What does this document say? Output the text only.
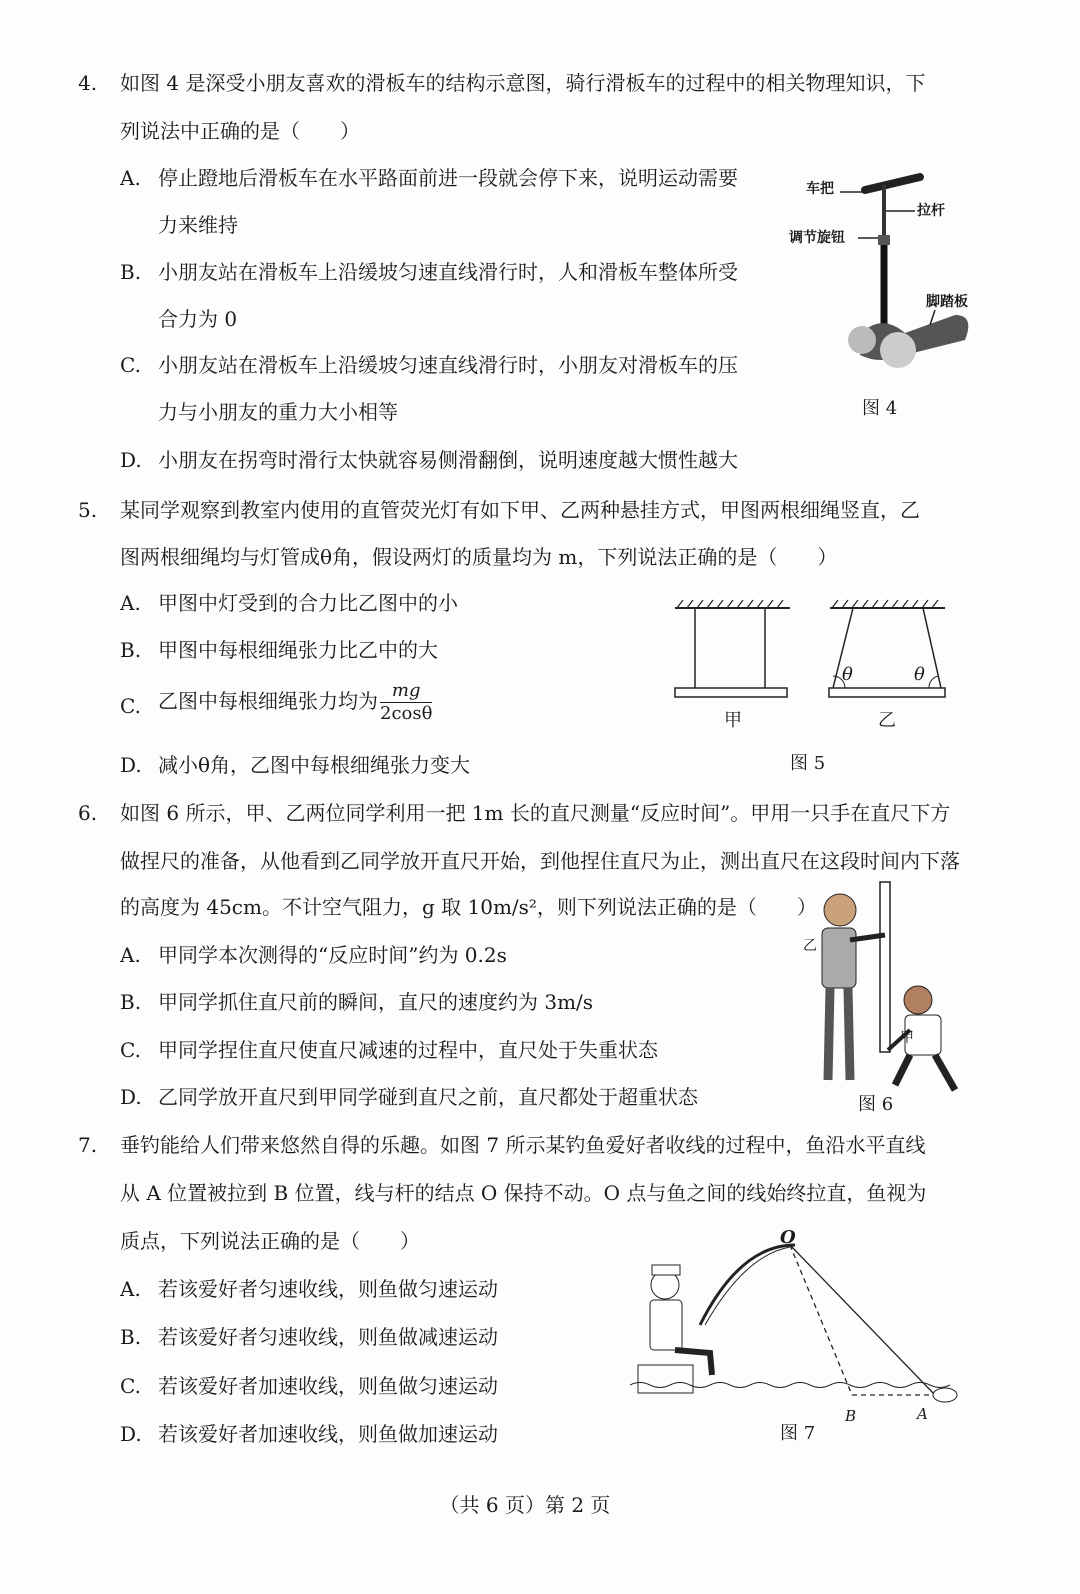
4. 如图 4 是深受小朋友喜欢的滑板车的结构示意图，骑行滑板车的过程中的相关物理知识，下
列说法中正确的是（　　）
A. 停止蹬地后滑板车在水平路面前进一段就会停下来，说明运动需要
力来维持
B. 小朋友站在滑板车上沿缓坡匀速直线滑行时，人和滑板车整体所受
合力为 0
C. 小朋友站在滑板车上沿缓坡匀速直线滑行时，小朋友对滑板车的压
力与小朋友的重力大小相等
D. 小朋友在拐弯时滑行太快就容易侧滑翻倒，说明速度越大惯性越大
车把
拉杆
调节旋钮
脚踏板
图 4
5. 某同学观察到教室内使用的直管荧光灯有如下甲、乙两种悬挂方式，甲图两根细绳竖直，乙
图两根细绳均与灯管成θ角，假设两灯的质量均为 m，下列说法正确的是（　　）
A. 甲图中灯受到的合力比乙图中的小
B. 甲图中每根细绳张力比乙中的大
C. 乙图中每根细绳张力均为 $\frac{mg}{2\cos\theta}$
D. 减小θ角，乙图中每根细绳张力变大
θ	θ
甲	乙
图 5
6. 如图 6 所示，甲、乙两位同学利用一把 1m 长的直尺测量“反应时间”。甲用一只手在直尺下方
做捏尺的准备，从他看到乙同学放开直尺开始，到他捏住直尺为止，测出直尺在这段时间内下落
的高度为 45cm。不计空气阻力，g 取 10m/s²，则下列说法正确的是（　　）
A. 甲同学本次测得的“反应时间”约为 0.2s
B. 甲同学抓住直尺前的瞬间，直尺的速度约为 3m/s
C. 甲同学捏住直尺使直尺减速的过程中，直尺处于失重状态
D. 乙同学放开直尺到甲同学碰到直尺之前，直尺都处于超重状态
乙
甲
图 6
7. 垂钓能给人们带来悠然自得的乐趣。如图 7 所示某钓鱼爱好者收线的过程中，鱼沿水平直线
从 A 位置被拉到 B 位置，线与杆的结点 O 保持不动。O 点与鱼之间的线始终拉直，鱼视为
质点，下列说法正确的是（　　）
A. 若该爱好者匀速收线，则鱼做匀速运动
B. 若该爱好者匀速收线，则鱼做减速运动
C. 若该爱好者加速收线，则鱼做匀速运动
D. 若该爱好者加速收线，则鱼做加速运动
O
B	A
图 7
（共 6 页）第 2 页
